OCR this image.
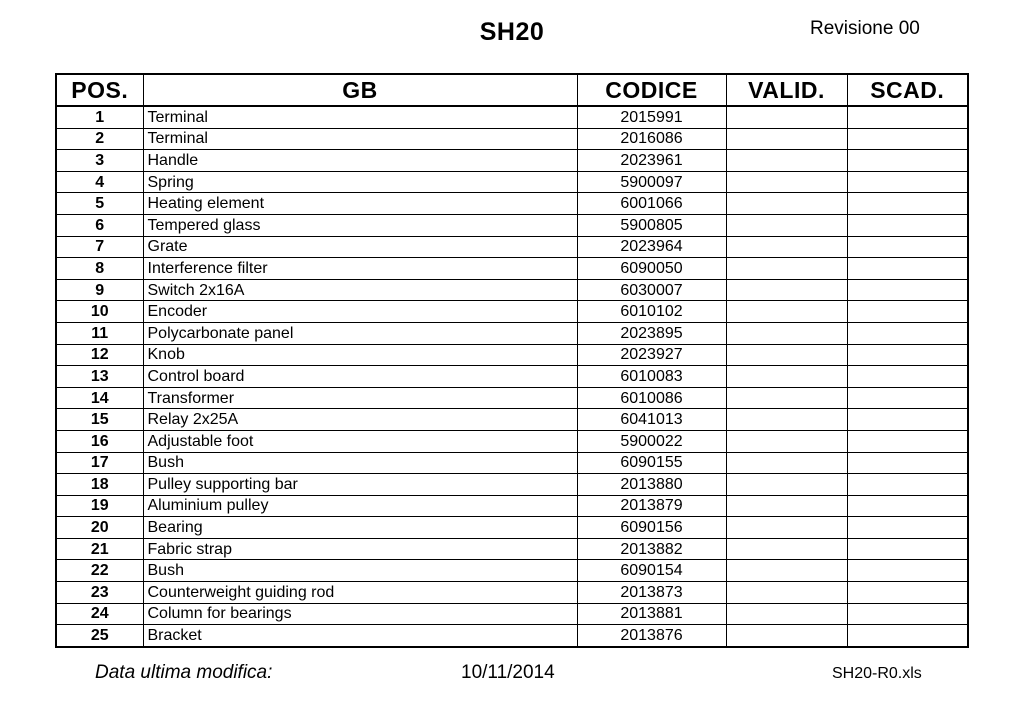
SH20	Revisione 00
POS.	GB	CODICE	VALID.	SCAD.
1	Terminal	2015991		
2	Terminal	2016086		
3	Handle	2023961		
4	Spring	5900097		
5	Heating element	6001066		
6	Tempered glass	5900805		
7	Grate	2023964		
8	Interference filter	6090050		
9	Switch 2x16A	6030007		
10	Encoder	6010102		
11	Polycarbonate panel	2023895		
12	Knob	2023927		
13	Control board	6010083		
14	Transformer	6010086		
15	Relay 2x25A	6041013		
16	Adjustable foot	5900022		
17	Bush	6090155		
18	Pulley supporting bar	2013880		
19	Aluminium pulley	2013879		
20	Bearing	6090156		
21	Fabric strap	2013882		
22	Bush	6090154		
23	Counterweight guiding rod	2013873		
24	Column for bearings	2013881		
25	Bracket	2013876		
Data ultima modifica:	10/11/2014	SH20-R0.xls
